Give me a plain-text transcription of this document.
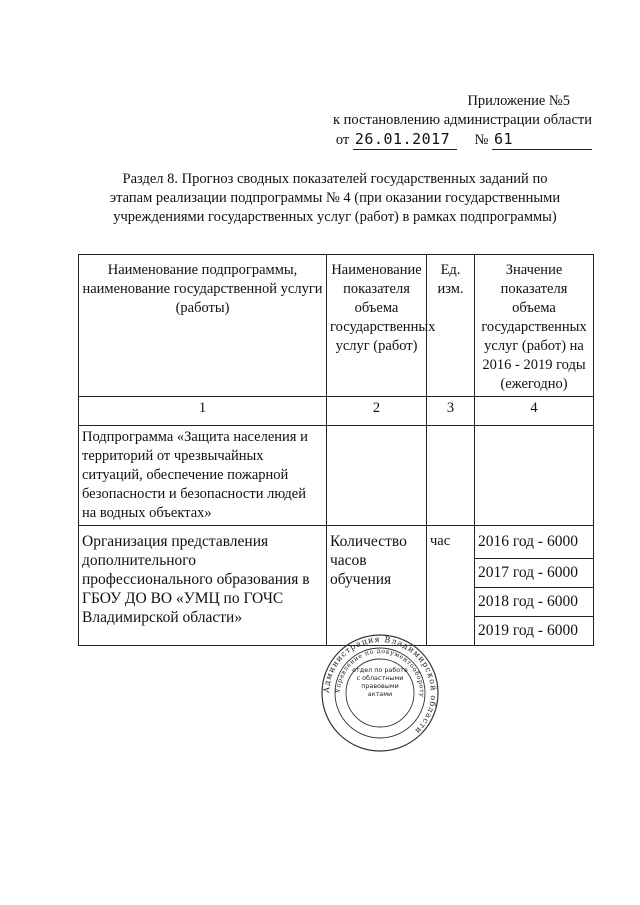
Приложение №5
к постановлению администрации области
от 26.01.2017 № 61
Раздел 8. Прогноз сводных показателей государственных заданий по этапам реализации подпрограммы № 4 (при оказании государственными учреждениями государственных услуг (работ) в рамках подпрограммы)
Наименование подпрограммы, наименование государственной услуги (работы)	Наименование показателя объема государственных услуг (работ)	Ед. изм.	Значение показателя объема государственных услуг (работ) на 2016 - 2019 годы (ежегодно)
1	2	3	4
Подпрограмма «Защита населения и территорий от чрезвычайных ситуаций, обеспечение пожарной безопасности и безопасности людей на водных объектах»			
Организация представления дополнительного профессионального образования в ГБОУ ДО ВО «УМЦ по ГОЧС Владимирской области»	Количество часов обучения	час	2016 год - 6000
			2017 год - 6000
			2018 год - 6000
			2019 год - 6000
Администрация Владимирской области
Управление по документообороту
отдел по работе с областными правовыми актами
